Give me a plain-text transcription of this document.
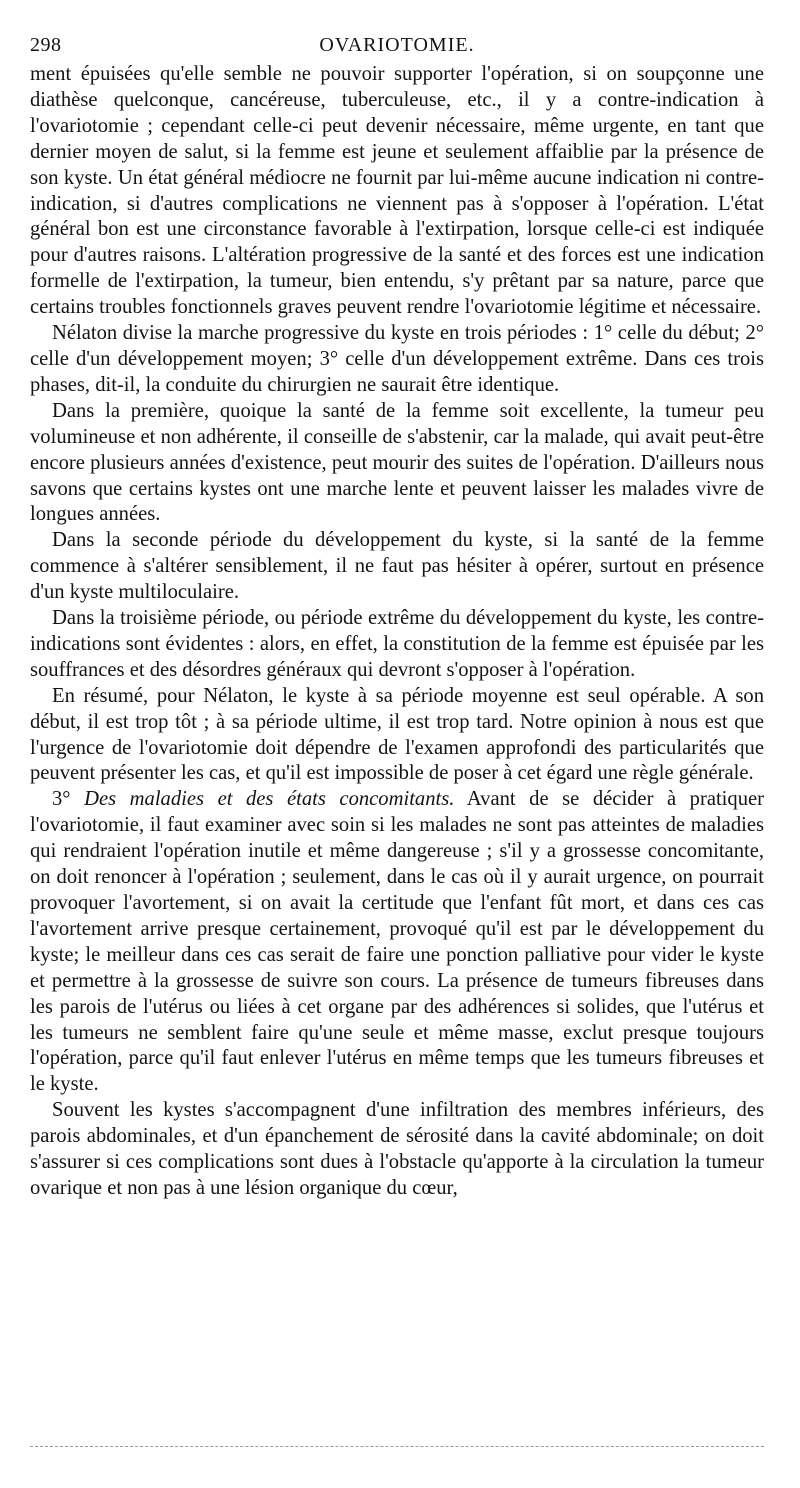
298	OVARIOTOMIE.

ment épuisées qu'elle semble ne pouvoir supporter l'opération, si on soupçonne une diathèse quelconque, cancéreuse, tuberculeuse, etc., il y a contre-indication à l'ovariotomie ; cependant celle-ci peut devenir nécessaire, même urgente, en tant que dernier moyen de salut, si la femme est jeune et seulement affaiblie par la présence de son kyste. Un état général médiocre ne fournit par lui-même aucune indication ni contre-indication, si d'autres complications ne viennent pas à s'opposer à l'opération. L'état général bon est une circonstance favorable à l'extirpation, lorsque celle-ci est indiquée pour d'autres raisons. L'altération progressive de la santé et des forces est une indication formelle de l'extirpation, la tumeur, bien entendu, s'y prêtant par sa nature, parce que certains troubles fonctionnels graves peuvent rendre l'ovariotomie légitime et nécessaire.

Nélaton divise la marche progressive du kyste en trois périodes : 1° celle du début; 2° celle d'un développement moyen; 3° celle d'un développement extrême. Dans ces trois phases, dit-il, la conduite du chirurgien ne saurait être identique.

Dans la première, quoique la santé de la femme soit excellente, la tumeur peu volumineuse et non adhérente, il conseille de s'abstenir, car la malade, qui avait peut-être encore plusieurs années d'existence, peut mourir des suites de l'opération. D'ailleurs nous savons que certains kystes ont une marche lente et peuvent laisser les malades vivre de longues années.

Dans la seconde période du développement du kyste, si la santé de la femme commence à s'altérer sensiblement, il ne faut pas hésiter à opérer, surtout en présence d'un kyste multiloculaire.

Dans la troisième période, ou période extrême du développement du kyste, les contre-indications sont évidentes : alors, en effet, la constitution de la femme est épuisée par les souffrances et des désordres généraux qui devront s'opposer à l'opération.

En résumé, pour Nélaton, le kyste à sa période moyenne est seul opérable. A son début, il est trop tôt ; à sa période ultime, il est trop tard. Notre opinion à nous est que l'urgence de l'ovariotomie doit dépendre de l'examen approfondi des particularités que peuvent présenter les cas, et qu'il est impossible de poser à cet égard une règle générale.

3° Des maladies et des états concomitants. Avant de se décider à pratiquer l'ovariotomie, il faut examiner avec soin si les malades ne sont pas atteintes de maladies qui rendraient l'opération inutile et même dangereuse ; s'il y a grossesse concomitante, on doit renoncer à l'opération ; seulement, dans le cas où il y aurait urgence, on pourrait provoquer l'avortement, si on avait la certitude que l'enfant fût mort, et dans ces cas l'avortement arrive presque certainement, provoqué qu'il est par le développement du kyste; le meilleur dans ces cas serait de faire une ponction palliative pour vider le kyste et permettre à la grossesse de suivre son cours. La présence de tumeurs fibreuses dans les parois de l'utérus ou liées à cet organe par des adhérences si solides, que l'utérus et les tumeurs ne semblent faire qu'une seule et même masse, exclut presque toujours l'opération, parce qu'il faut enlever l'utérus en même temps que les tumeurs fibreuses et le kyste.

Souvent les kystes s'accompagnent d'une infiltration des membres inférieurs, des parois abdominales, et d'un épanchement de sérosité dans la cavité abdominale; on doit s'assurer si ces complications sont dues à l'obstacle qu'apporte à la circulation la tumeur ovarique et non pas à une lésion organique du cœur,
